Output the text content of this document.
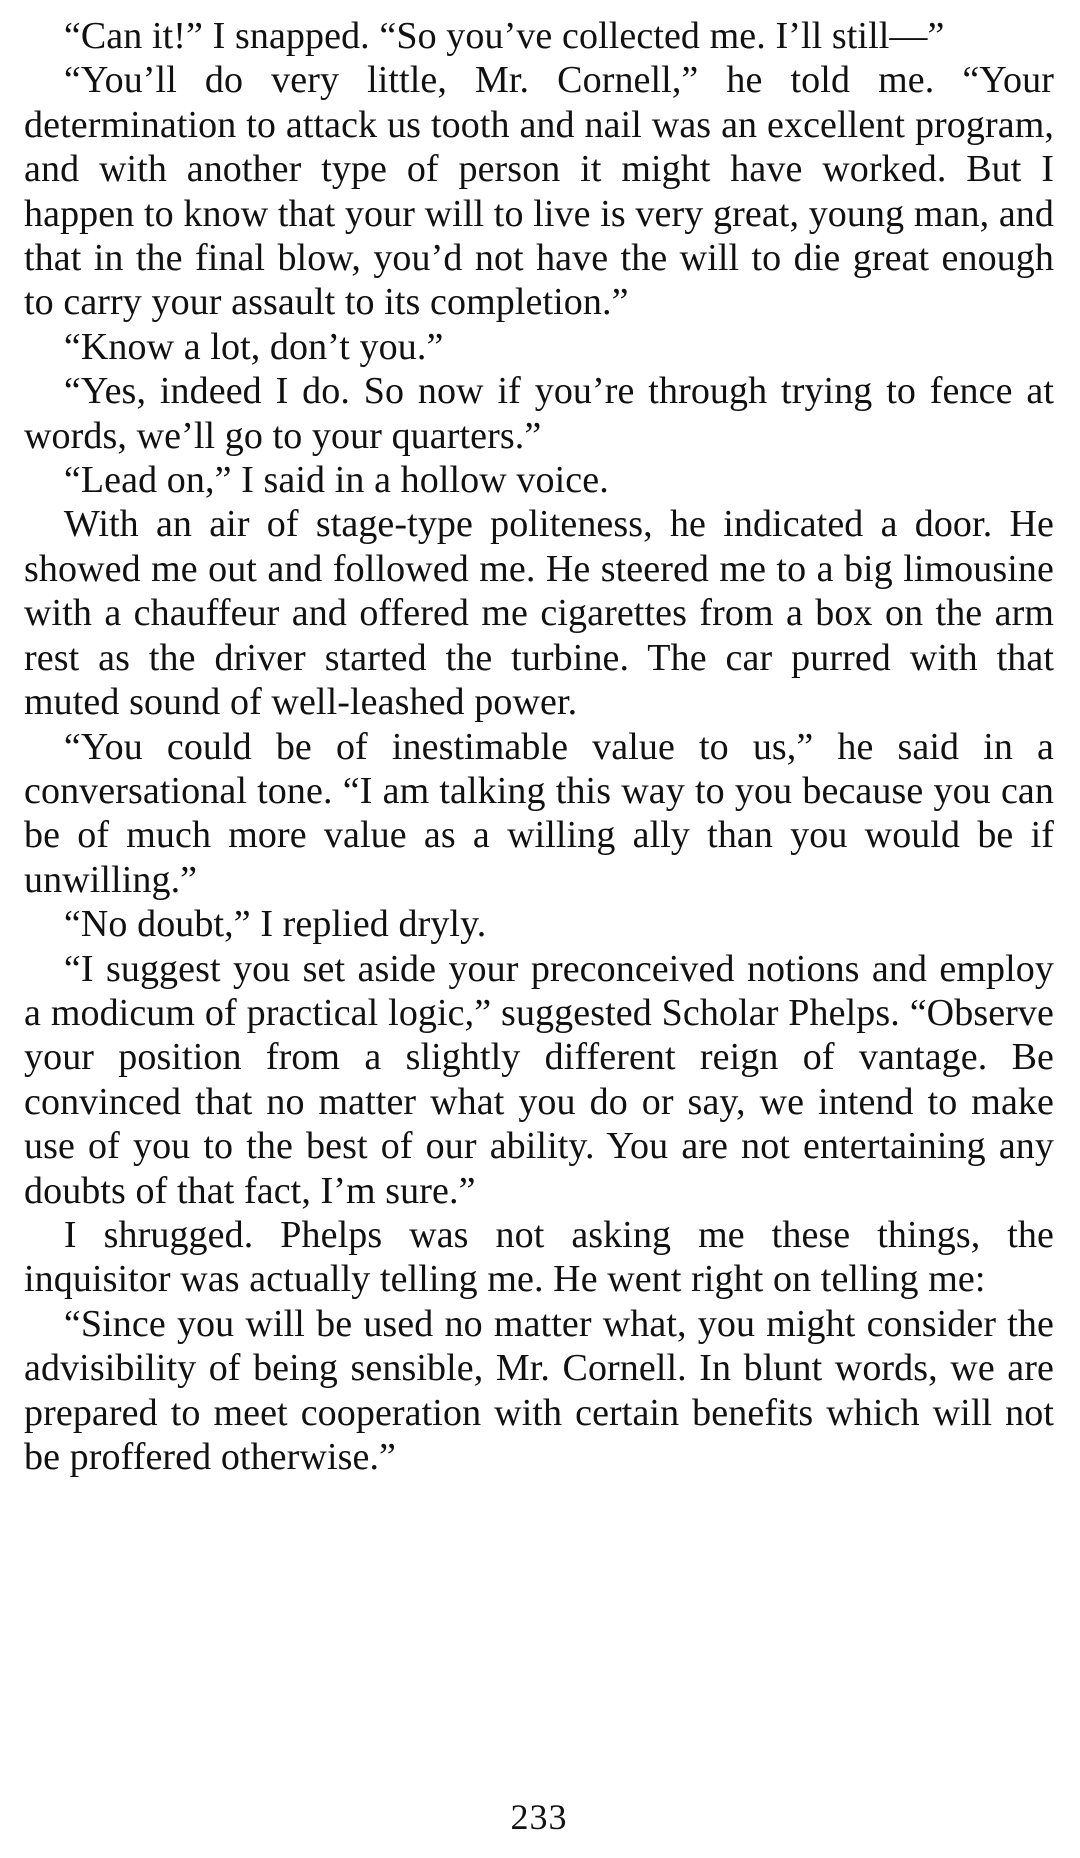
“Can it!” I snapped. “So you’ve collected me. I’ll still—”

“You’ll do very little, Mr. Cornell,” he told me. “Your determination to attack us tooth and nail was an excellent program, and with another type of person it might have worked. But I happen to know that your will to live is very great, young man, and that in the final blow, you’d not have the will to die great enough to carry your assault to its completion.”

“Know a lot, don’t you.”

“Yes, indeed I do. So now if you’re through trying to fence at words, we’ll go to your quarters.”

“Lead on,” I said in a hollow voice.

With an air of stage-type politeness, he indicated a door. He showed me out and followed me. He steered me to a big limousine with a chauffeur and offered me cigarettes from a box on the arm rest as the driver started the turbine. The car purred with that muted sound of well-leashed power.

“You could be of inestimable value to us,” he said in a conversational tone. “I am talking this way to you because you can be of much more value as a willing ally than you would be if unwilling.”

“No doubt,” I replied dryly.

“I suggest you set aside your preconceived notions and employ a modicum of practical logic,” suggested Scholar Phelps. “Observe your position from a slightly different reign of vantage. Be convinced that no matter what you do or say, we intend to make use of you to the best of our ability. You are not entertaining any doubts of that fact, I’m sure.”

I shrugged. Phelps was not asking me these things, the inquisitor was actually telling me. He went right on telling me:

“Since you will be used no matter what, you might consider the advisibility of being sensible, Mr. Cornell. In blunt words, we are prepared to meet cooperation with certain benefits which will not be proffered otherwise.”

233
